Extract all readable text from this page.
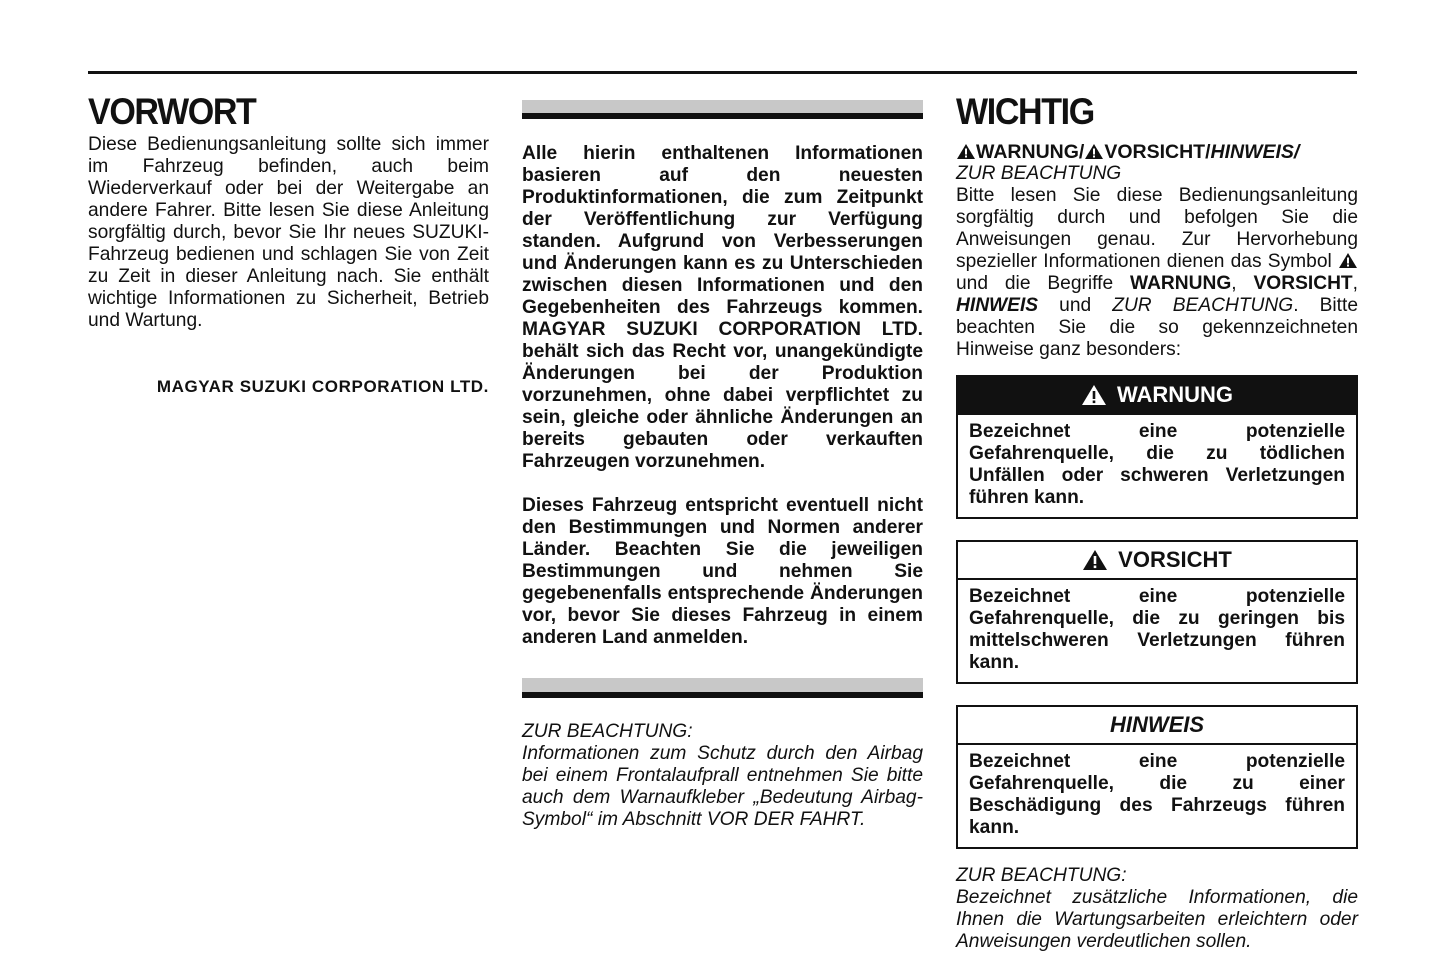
VORWORT

Diese Bedienungsanleitung sollte sich immer im Fahrzeug befinden, auch beim Wiederverkauf oder bei der Weitergabe an andere Fahrer. Bitte lesen Sie diese Anleitung sorgfältig durch, bevor Sie Ihr neues SUZUKI-Fahrzeug bedienen und schlagen Sie von Zeit zu Zeit in dieser Anleitung nach. Sie enthält wichtige Informationen zu Sicherheit, Betrieb und Wartung.

MAGYAR SUZUKI CORPORATION LTD.

Alle hierin enthaltenen Informationen basieren auf den neuesten Produktinformationen, die zum Zeitpunkt der Veröffentlichung zur Verfügung standen. Aufgrund von Verbesserungen und Änderungen kann es zu Unterschieden zwischen diesen Informationen und den Gegebenheiten des Fahrzeugs kommen. MAGYAR SUZUKI CORPORATION LTD. behält sich das Recht vor, unangekündigte Änderungen bei der Produktion vorzunehmen, ohne dabei verpflichtet zu sein, gleiche oder ähnliche Änderungen an bereits gebauten oder verkauften Fahrzeugen vorzunehmen.

Dieses Fahrzeug entspricht eventuell nicht den Bestimmungen und Normen anderer Länder. Beachten Sie die jeweiligen Bestimmungen und nehmen Sie gegebenenfalls entsprechende Änderungen vor, bevor Sie dieses Fahrzeug in einem anderen Land anmelden.

ZUR BEACHTUNG:

Informationen zum Schutz durch den Airbag bei einem Frontalaufprall entnehmen Sie bitte auch dem Warnaufkleber „Bedeutung Airbag-Symbol“ im Abschnitt VOR DER FAHRT.

WICHTIG
WARNUNG/ VORSICHT/HINWEIS/

ZUR BEACHTUNG

Bitte lesen Sie diese Bedienungsanleitung sorgfältig durch und befolgen Sie die Anweisungen genau. Zur Hervorhebung spezieller Informationen dienen das Symbol  und die Begriffe WARNUNG, VORSICHT, HINWEIS und ZUR BEACHTUNG. Bitte beachten Sie die so gekennzeichneten Hinweise ganz besonders:

WARNUNG
Bezeichnet eine potenzielle Gefahrenquelle, die zu tödlichen Unfällen oder schweren Verletzungen führen kann.
VORSICHT
Bezeichnet eine potenzielle Gefahrenquelle, die zu geringen bis mittelschweren Verletzungen führen kann.
HINWEIS
Bezeichnet eine potenzielle Gefahrenquelle, die zu einer Beschädigung des Fahrzeugs führen kann.

ZUR BEACHTUNG:

Bezeichnet zusätzliche Informationen, die Ihnen die Wartungsarbeiten erleichtern oder Anweisungen verdeutlichen sollen.
